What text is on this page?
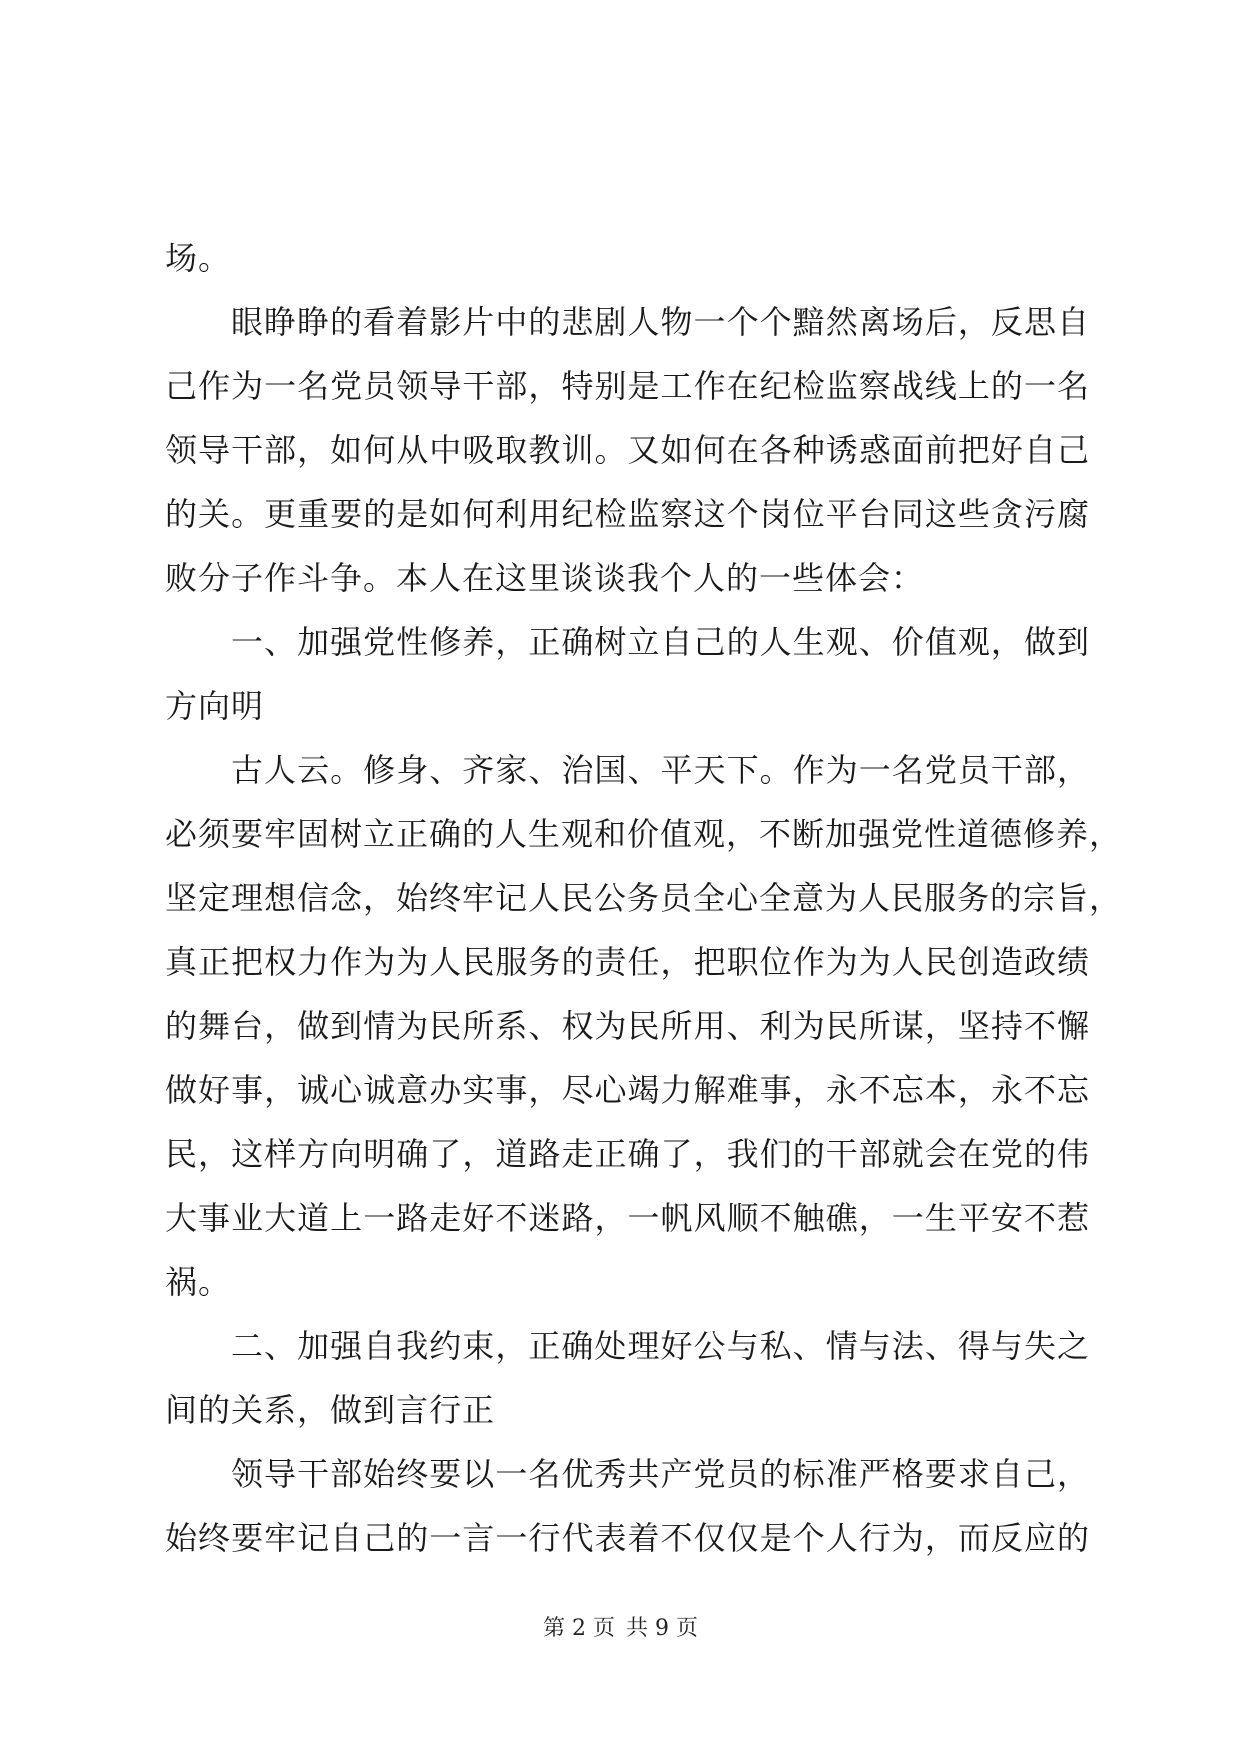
场。
眼睁睁的看着影片中的悲剧人物一个个黯然离场后，反思自
己作为一名党员领导干部，特别是工作在纪检监察战线上的一名
领导干部，如何从中吸取教训。又如何在各种诱惑面前把好自己
的关。更重要的是如何利用纪检监察这个岗位平台同这些贪污腐
败分子作斗争。本人在这里谈谈我个人的一些体会：
一、加强党性修养，正确树立自己的人生观、价值观，做到
方向明
古人云。修身、齐家、治国、平天下。作为一名党员干部，
必须要牢固树立正确的人生观和价值观，不断加强党性道德修养，
坚定理想信念，始终牢记人民公务员全心全意为人民服务的宗旨，
真正把权力作为为人民服务的责任，把职位作为为人民创造政绩
的舞台，做到情为民所系、权为民所用、利为民所谋，坚持不懈
做好事，诚心诚意办实事，尽心竭力解难事，永不忘本，永不忘
民，这样方向明确了，道路走正确了，我们的干部就会在党的伟
大事业大道上一路走好不迷路，一帆风顺不触礁，一生平安不惹
祸。
二、加强自我约束，正确处理好公与私、情与法、得与失之
间的关系，做到言行正
领导干部始终要以一名优秀共产党员的标准严格要求自己，
始终要牢记自己的一言一行代表着不仅仅是个人行为，而反应的
第 2 页 共 9 页
